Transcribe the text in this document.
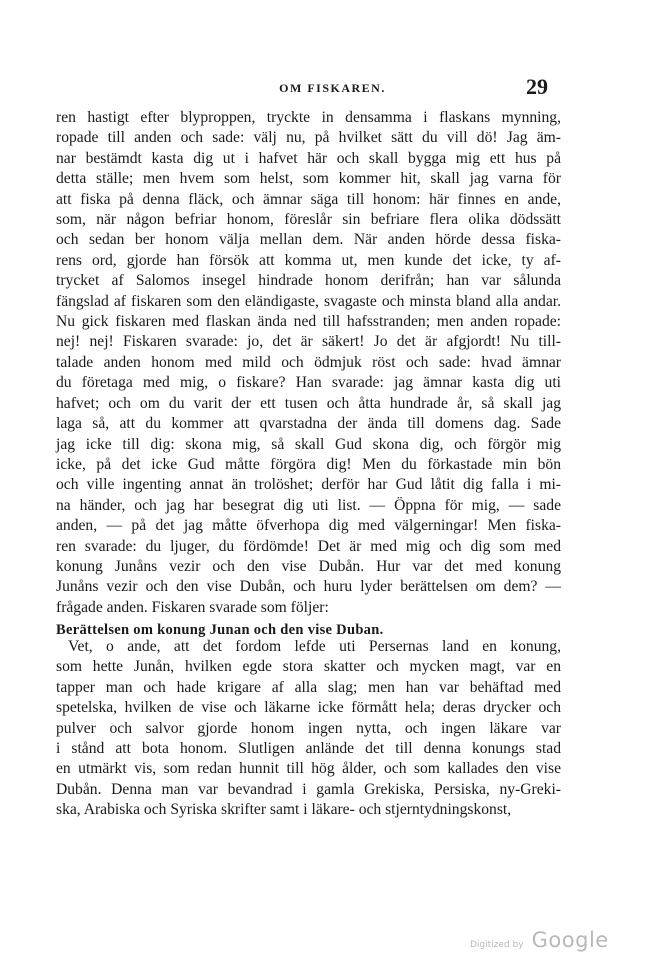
OM FISKAREN.	29
ren hastigt efter blyproppen, tryckte in densamma i flaskans mynning,
ropade till anden och sade: välj nu, på hvilket sätt du vill dö! Jag äm-
nar bestämdt kasta dig ut i hafvet här och skall bygga mig ett hus på
detta ställe; men hvem som helst, som kommer hit, skall jag varna för
att fiska på denna fläck, och ämnar säga till honom: här finnes en ande,
som, när någon befriar honom, föreslår sin befriare flera olika dödssätt
och sedan ber honom välja mellan dem. När anden hörde dessa fiska-
rens ord, gjorde han försök att komma ut, men kunde det icke, ty af-
trycket af Salomos insegel hindrade honom derifrån; han var sålunda
fängslad af fiskaren som den eländigaste, svagaste och minsta bland alla andar.
Nu gick fiskaren med flaskan ända ned till hafsstranden; men anden ropade:
nej! nej! Fiskaren svarade: jo, det är säkert! Jo det är afgjordt! Nu till-
talade anden honom med mild och ödmjuk röst och sade: hvad ämnar
du företaga med mig, o fiskare? Han svarade: jag ämnar kasta dig uti
hafvet; och om du varit der ett tusen och åtta hundrade år, så skall jag
laga så, att du kommer att qvarstadna der ända till domens dag. Sade
jag icke till dig: skona mig, så skall Gud skona dig, och förgör mig
icke, på det icke Gud måtte förgöra dig! Men du förkastade min bön
och ville ingenting annat än trolöshet; derför har Gud låtit dig falla i mi-
na händer, och jag har besegrat dig uti list. — Öppna för mig, — sade
anden, — på det jag måtte öfverhopa dig med välgerningar! Men fiska-
ren svarade: du ljuger, du fördömde! Det är med mig och dig som med
konung Junåns vezir och den vise Dubån. Hur var det med konung
Junåns vezir och den vise Dubån, och huru lyder berättelsen om dem? —
frågade anden. Fiskaren svarade som följer:
Berättelsen om konung Junan och den vise Duban.
Vet, o ande, att det fordom lefde uti Persernas land en konung,
som hette Junån, hvilken egde stora skatter och mycken magt, var en
tapper man och hade krigare af alla slag; men han var behäftad med
spetelska, hvilken de vise och läkarne icke förmått hela; deras drycker och
pulver och salvor gjorde honom ingen nytta, och ingen läkare var
i stånd att bota honom. Slutligen anlände det till denna konungs stad
en utmärkt vis, som redan hunnit till hög ålder, och som kallades den vise
Dubån. Denna man var bevandrad i gamla Grekiska, Persiska, ny-Greki-
ska, Arabiska och Syriska skrifter samt i läkare- och stjerntydningskonst,
Digitized by Google
